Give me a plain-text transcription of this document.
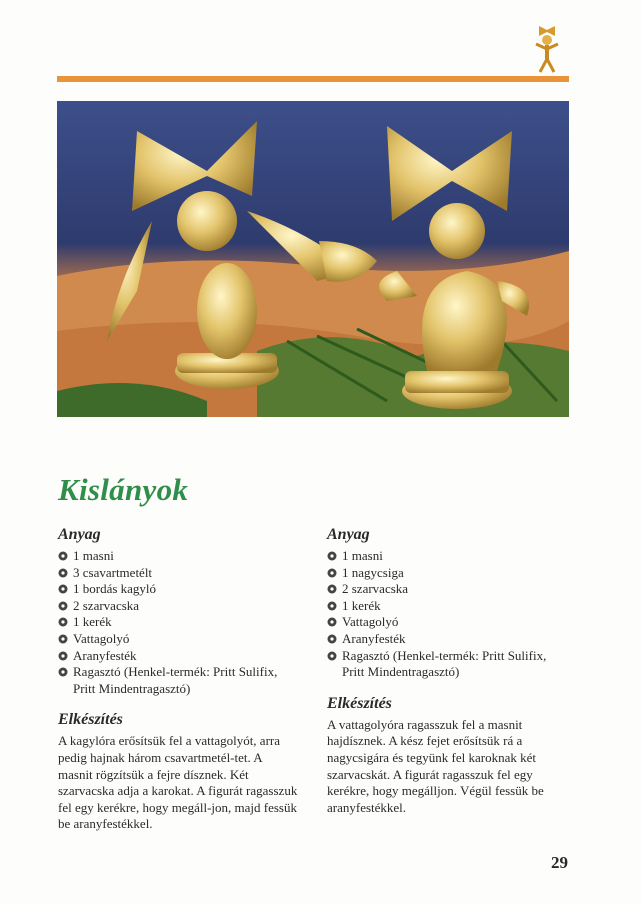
Kislányok

Anyag

1 masni
3 csavartmetélt
1 bordás kagyló
2 szarvacska
1 kerék
Vattagolyó
Aranyfesték
Ragasztó (Henkel-termék: Pritt Sulifix, Pritt Mindentragasztó)

Elkészítés

A kagylóra erősítsük fel a vattagolyót, arra pedig hajnak három csavartmetél-tet. A masnit rögzítsük a fejre dísznek. Két szarvacska adja a karokat. A figurát ragasszuk fel egy kerékre, hogy megáll-jon, majd fessük be aranyfestékkel.

Anyag

1 masni
1 nagycsiga
2 szarvacska
1 kerék
Vattagolyó
Aranyfesték
Ragasztó (Henkel-termék: Pritt Sulifix, Pritt Mindentragasztó)

Elkészítés

A vattagolyóra ragasszuk fel a masnit hajdísznek. A kész fejet erősítsük rá a nagycsigára és tegyünk fel karoknak két szarvacskát. A figurát ragasszuk fel egy kerékre, hogy megálljon. Végül fessük be aranyfestékkel.

29
